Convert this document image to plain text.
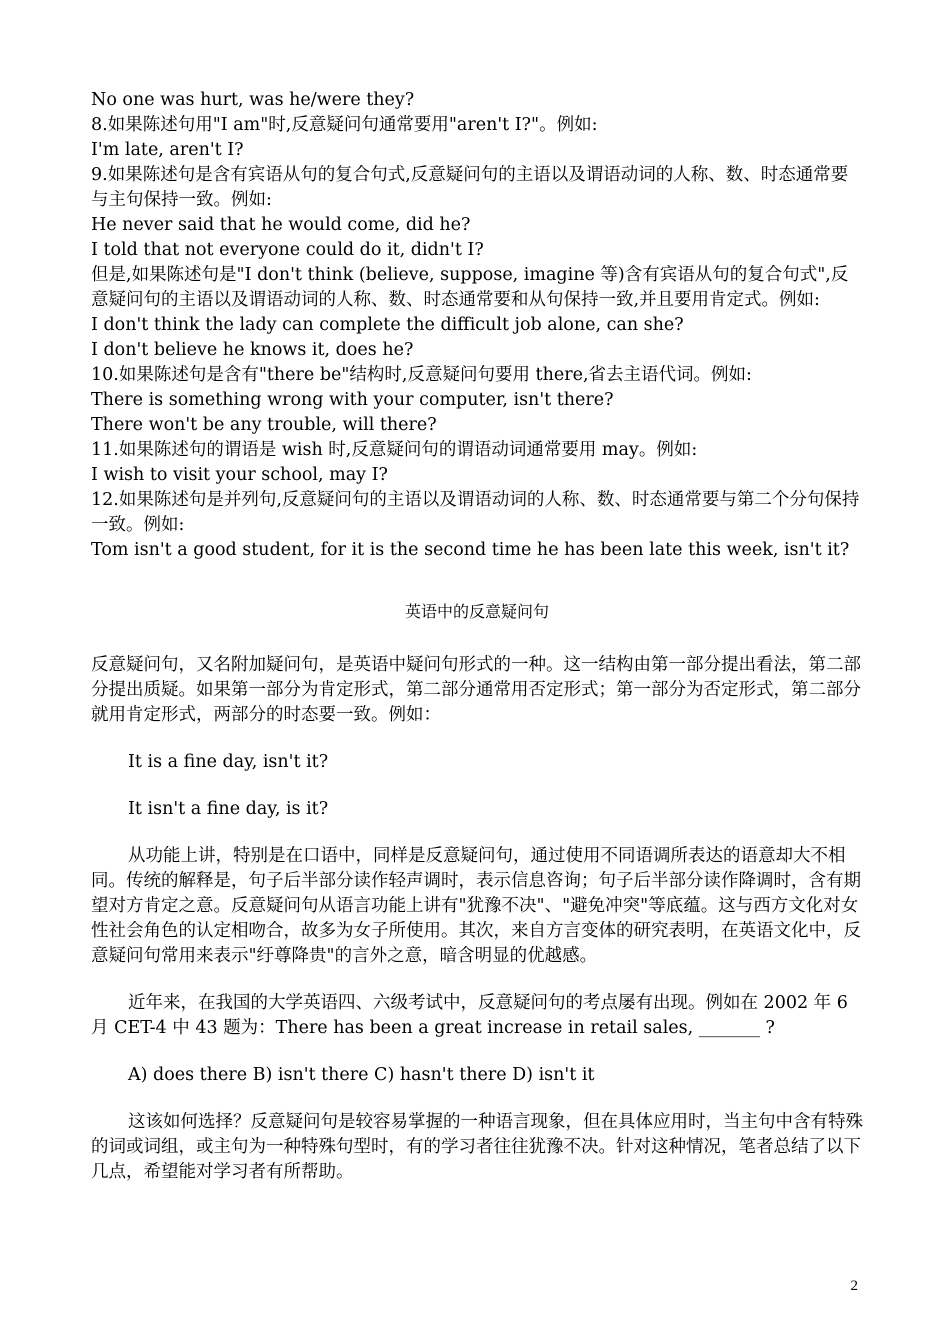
No one was hurt, was he/were they?

8.如果陈述句用"I am"时,反意疑问句通常要用"aren't I?"。例如:

I'm late, aren't I?

9.如果陈述句是含有宾语从句的复合句式,反意疑问句的主语以及谓语动词的人称、数、时态通常要与主句保持一致。例如:

He never said that he would come, did he?

I told that not everyone could do it, didn't I?

但是,如果陈述句是"I don't think (believe, suppose, imagine 等)含有宾语从句的复合句式",反意疑问句的主语以及谓语动词的人称、数、时态通常要和从句保持一致,并且要用肯定式。例如:

I don't think the lady can complete the difficult job alone, can she?

I don't believe he knows it, does he?

10.如果陈述句是含有"there be"结构时,反意疑问句要用 there,省去主语代词。例如:

There is something wrong with your computer, isn't there?

There won't be any trouble, will there?

11.如果陈述句的谓语是 wish 时,反意疑问句的谓语动词通常要用 may。例如:

I wish to visit your school, may I?

12.如果陈述句是并列句,反意疑问句的主语以及谓语动词的人称、数、时态通常要与第二个分句保持一致。例如:

Tom isn't a good student, for it is the second time he has been late this week, isn't it?

英语中的反意疑问句

反意疑问句，又名附加疑问句，是英语中疑问句形式的一种。这一结构由第一部分提出看法，第二部分提出质疑。如果第一部分为肯定形式，第二部分通常用否定形式；第一部分为否定形式，第二部分就用肯定形式，两部分的时态要一致。例如：

It is a fine day, isn't it?

It isn't a fine day, is it?

从功能上讲，特别是在口语中，同样是反意疑问句，通过使用不同语调所表达的语意却大不相同。传统的解释是，句子后半部分读作轻声调时，表示信息咨询；句子后半部分读作降调时，含有期望对方肯定之意。反意疑问句从语言功能上讲有"犹豫不决"、"避免冲突"等底蕴。这与西方文化对女性社会角色的认定相吻合，故多为女子所使用。其次，来自方言变体的研究表明，在英语文化中，反意疑问句常用来表示"纡尊降贵"的言外之意，暗含明显的优越感。

近年来，在我国的大学英语四、六级考试中，反意疑问句的考点屡有出现。例如在 2002 年 6 月 CET-4 中 43 题为：There has been a great increase in retail sales, _______ ?

A) does there B) isn't there C) hasn't there D) isn't it

这该如何选择？反意疑问句是较容易掌握的一种语言现象，但在具体应用时，当主句中含有特殊的词或词组，或主句为一种特殊句型时，有的学习者往往犹豫不决。针对这种情况，笔者总结了以下几点，希望能对学习者有所帮助。

2
